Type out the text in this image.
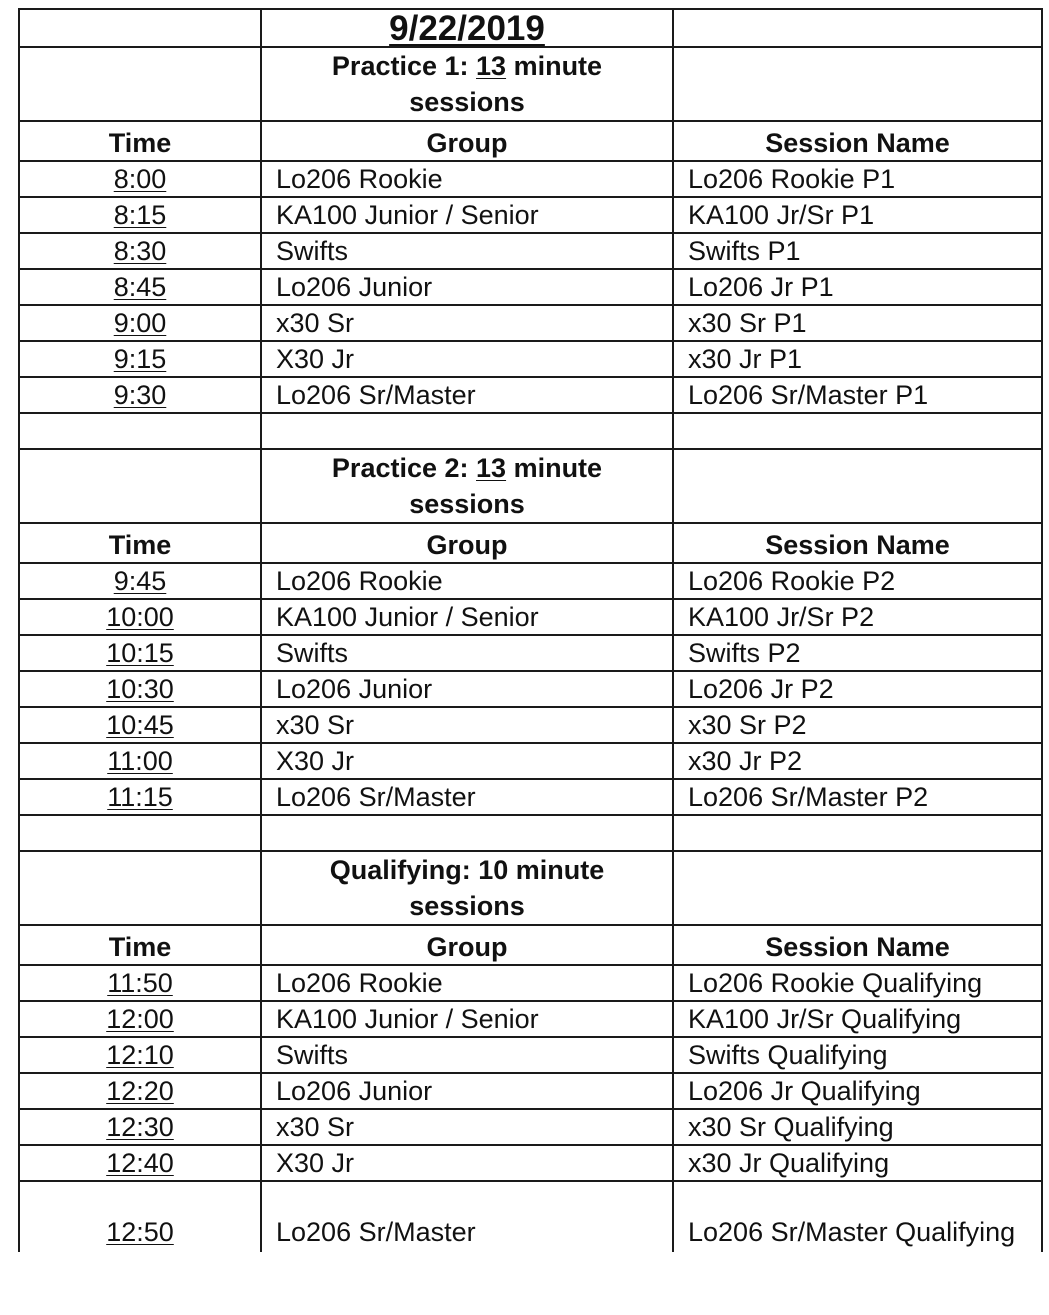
	9/22/2019	
	Practice 1: 13 minute sessions	
Time	Group	Session Name
8:00	Lo206 Rookie	Lo206 Rookie P1
8:15	KA100 Junior / Senior	KA100 Jr/Sr P1
8:30	Swifts	Swifts P1
8:45	Lo206 Junior	Lo206 Jr P1
9:00	x30 Sr	x30 Sr P1
9:15	X30 Jr	x30 Jr P1
9:30	Lo206 Sr/Master	Lo206 Sr/Master P1

	Practice 2: 13 minute sessions	
Time	Group	Session Name
9:45	Lo206 Rookie	Lo206 Rookie P2
10:00	KA100 Junior / Senior	KA100 Jr/Sr P2
10:15	Swifts	Swifts P2
10:30	Lo206 Junior	Lo206 Jr P2
10:45	x30 Sr	x30 Sr P2
11:00	X30 Jr	x30 Jr P2
11:15	Lo206 Sr/Master	Lo206 Sr/Master P2

	Qualifying: 10 minute sessions	
Time	Group	Session Name
11:50	Lo206 Rookie	Lo206 Rookie Qualifying
12:00	KA100 Junior / Senior	KA100 Jr/Sr Qualifying
12:10	Swifts	Swifts Qualifying
12:20	Lo206 Junior	Lo206 Jr Qualifying
12:30	x30 Sr	x30 Sr Qualifying
12:40	X30 Jr	x30 Jr Qualifying
12:50	Lo206 Sr/Master	Lo206 Sr/Master Qualifying
